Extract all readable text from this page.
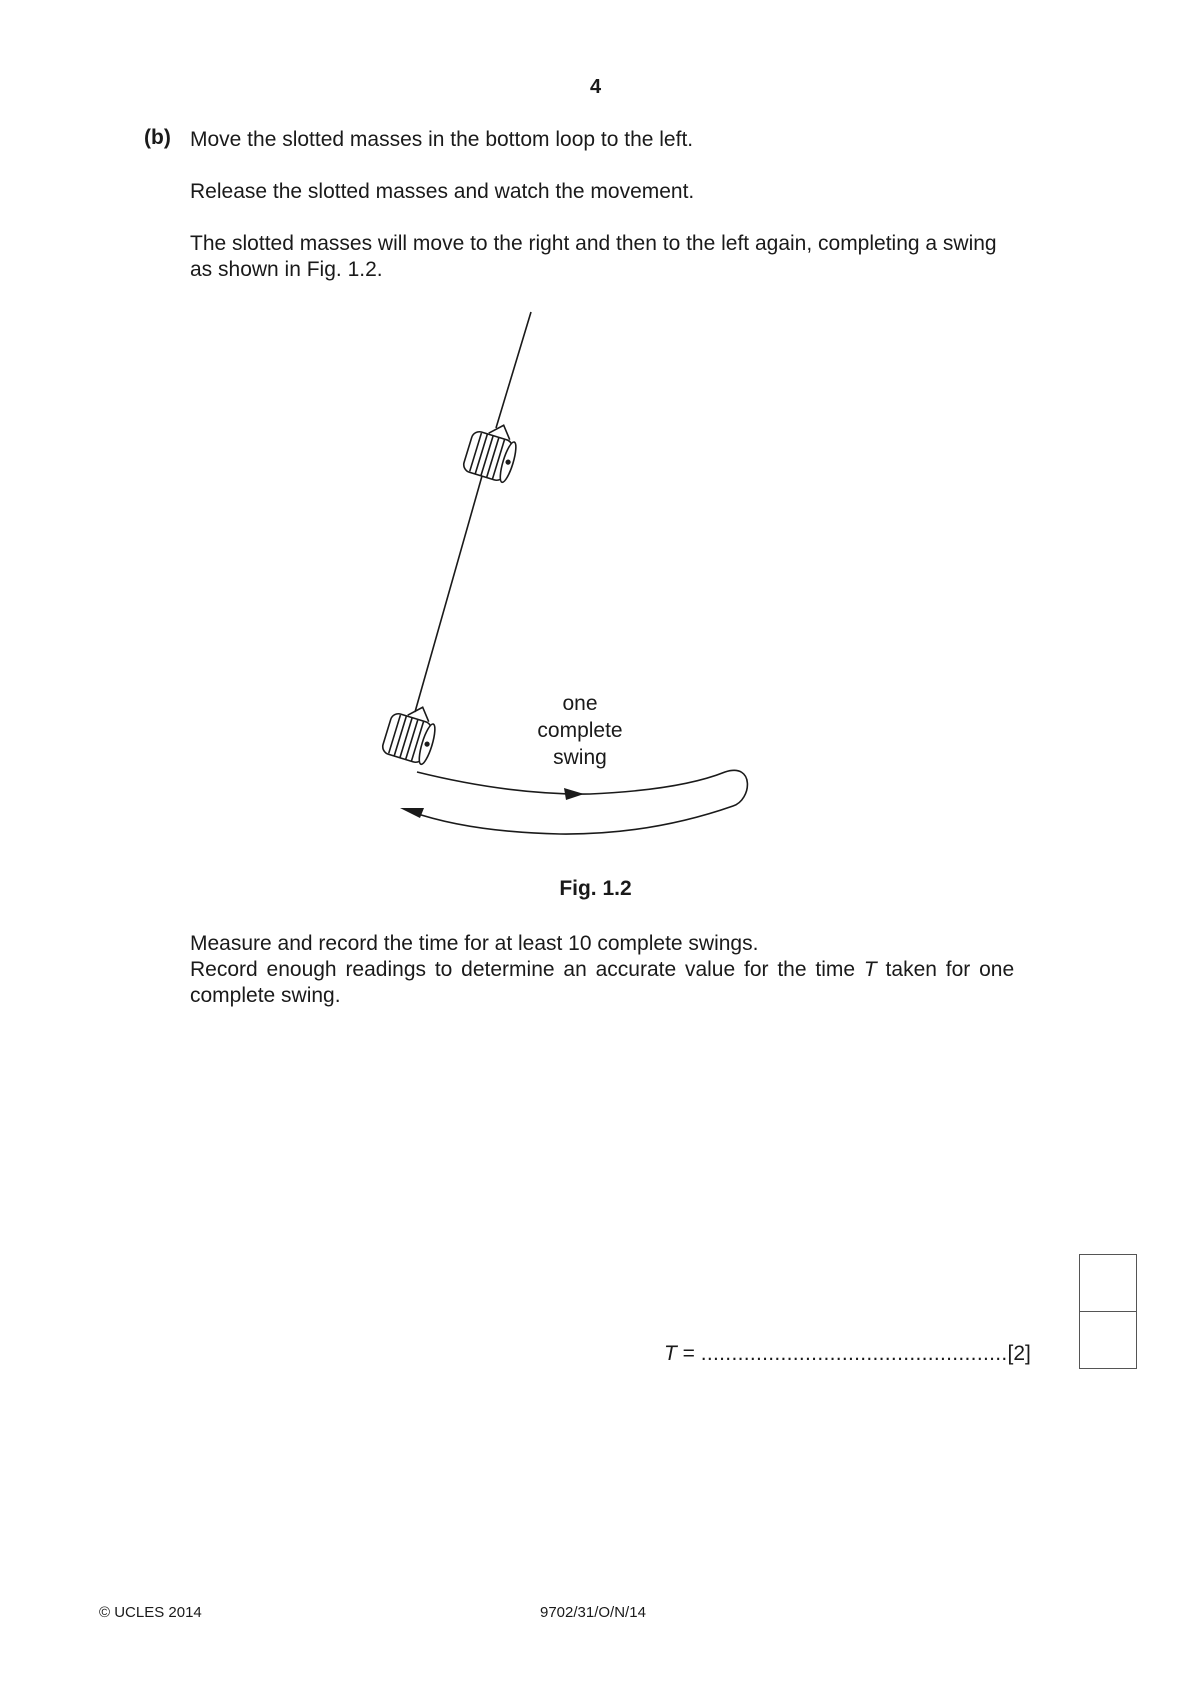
4
(b) Move the slotted masses in the bottom loop to the left.
Release the slotted masses and watch the movement.
The slotted masses will move to the right and then to the left again, completing a swing
as shown in Fig. 1.2.
one
complete
swing
Fig. 1.2
Measure and record the time for at least 10 complete swings.
Record enough readings to determine an accurate value for the time T taken for one
complete swing.
T = ..................................................[2]
© UCLES 2014	9702/31/O/N/14
